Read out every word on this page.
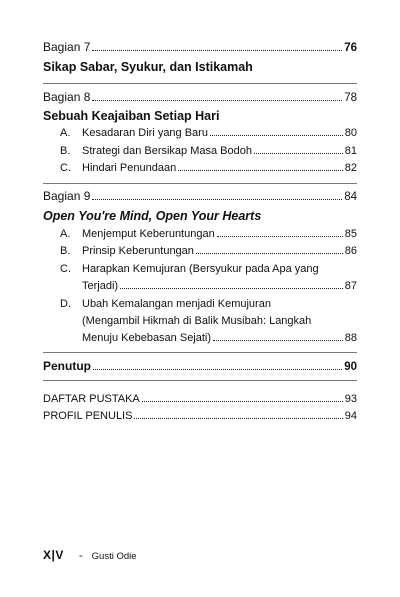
Bagian 7	76
Sikap Sabar, Syukur, dan Istikamah
Bagian 8	78
Sebuah Keajaiban Setiap Hari
A. Kesadaran Diri yang Baru	80
B. Strategi dan Bersikap Masa Bodoh	81
C. Hindari Penundaan	82
Bagian 9	84
Open You're Mind, Open Your Hearts
A. Menjemput Keberuntungan	85
B. Prinsip Keberuntungan	86
C. Harapkan Kemujuran (Bersyukur pada Apa yang
Terjadi)	87
D. Ubah Kemalangan menjadi Kemujuran
(Mengambil Hikmah di Balik Musibah: Langkah
Menuju Kebebasan Sejati)	88
Penutup	90
DAFTAR PUSTAKA	93
PROFIL PENULIS	94
X|V - Gusti Odie
